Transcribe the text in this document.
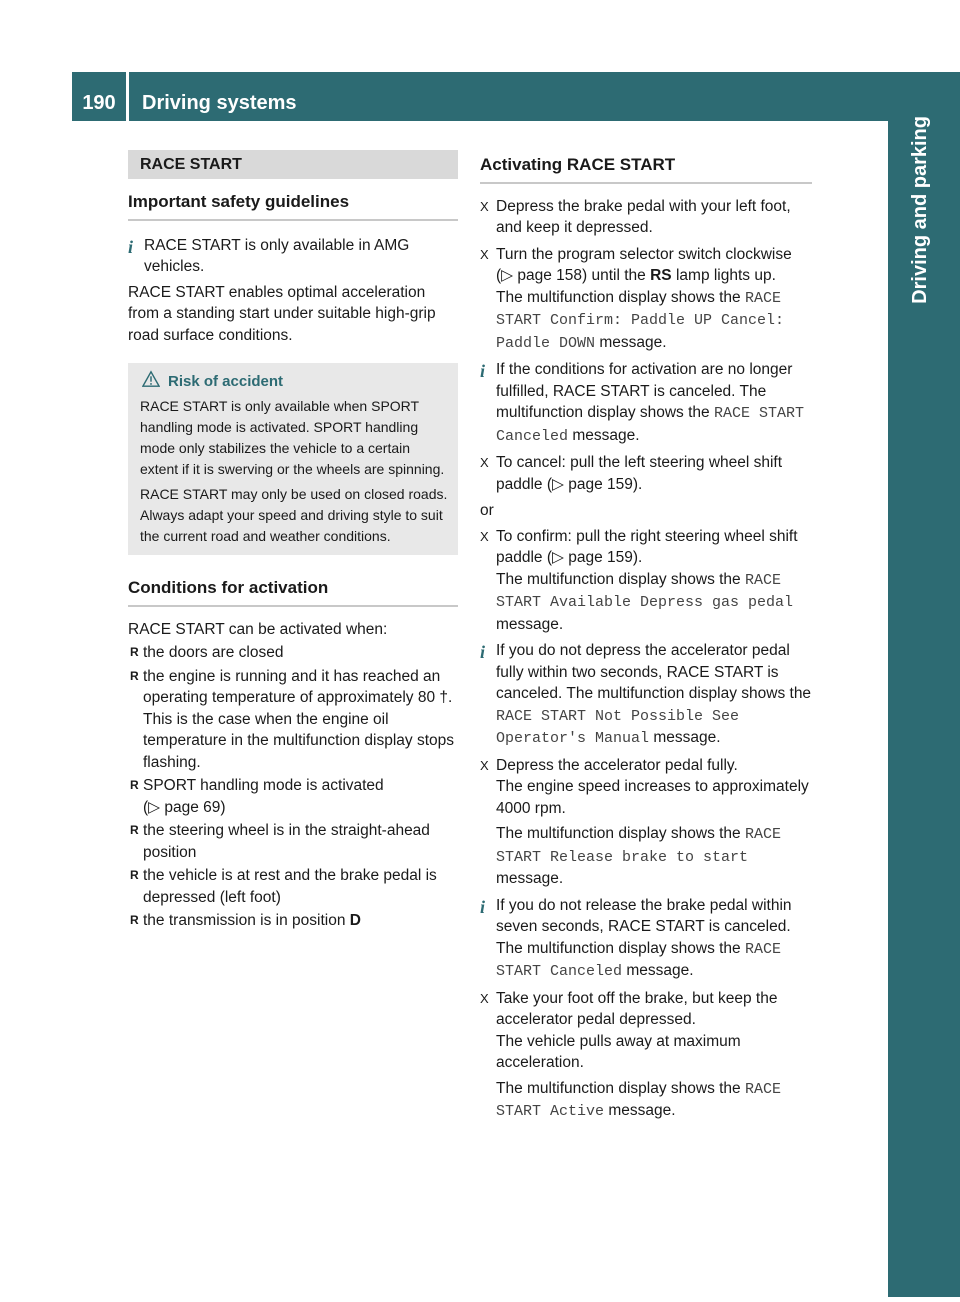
190	Driving systems
Driving and parking
RACE START
Important safety guidelines
i RACE START is only available in AMG vehicles.

RACE START enables optimal acceleration from a standing start under suitable high-grip road surface conditions.

Risk of accident

RACE START is only available when SPORT handling mode is activated. SPORT handling mode only stabilizes the vehicle to a certain extent if it is swerving or the wheels are spinning.

RACE START may only be used on closed roads. Always adapt your speed and driving style to suit the current road and weather conditions.

Conditions for activation

RACE START can be activated when:

R the doors are closed

R the engine is running and it has reached an operating temperature of approximately 80 †. This is the case when the engine oil temperature in the multifunction display stops flashing.

R SPORT handling mode is activated

(▷ page 69)

R the steering wheel is in the straight-ahead position

R the vehicle is at rest and the brake pedal is depressed (left foot)

R the transmission is in position D

Activating RACE START
X Depress the brake pedal with your left foot, and keep it depressed.

X Turn the program selector switch clockwise (▷ page 158) until the RS lamp lights up.

The multifunction display shows the RACE START Confirm: Paddle UP Cancel: Paddle DOWN message.

i If the conditions for activation are no longer fulfilled, RACE START is canceled. The multifunction display shows the RACE START Canceled message.

X To cancel: pull the left steering wheel shift paddle (▷ page 159).

or

X To confirm: pull the right steering wheel shift paddle (▷ page 159).

The multifunction display shows the RACE START Available Depress gas pedal message.

i If you do not depress the accelerator pedal fully within two seconds, RACE START is canceled. The multifunction display shows the RACE START Not Possible See Operator's Manual message.

X Depress the accelerator pedal fully.

The engine speed increases to approximately 4000 rpm.

The multifunction display shows the RACE START Release brake to start message.

i If you do not release the brake pedal within seven seconds, RACE START is canceled. The multifunction display shows the RACE START Canceled message.

X Take your foot off the brake, but keep the accelerator pedal depressed.

The vehicle pulls away at maximum acceleration.

The multifunction display shows the RACE START Active message.
